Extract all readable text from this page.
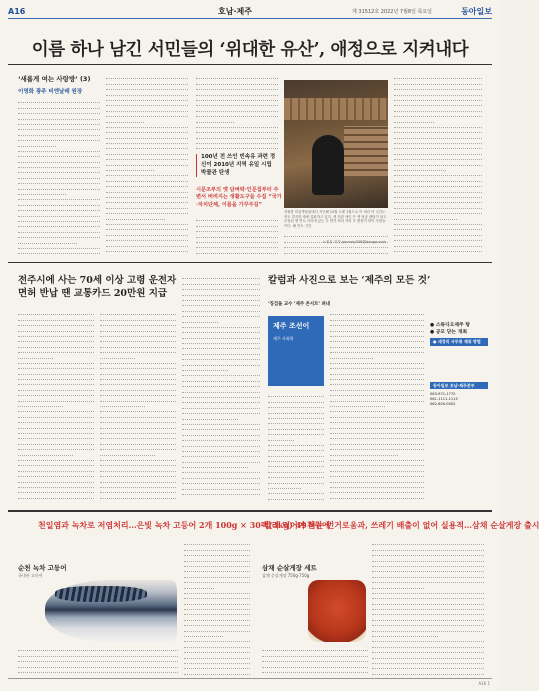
A16	호남·제주	제 31512호 2022년 7월8일 목요일	동아일보
이름 하나 남긴 서민들의 ‘위대한 유산’, 애정으로 지켜내다
‘새롭게 여는 사랑방’ (3)
이영화 광주 비엔날레 원장
100년 전 쓰인 빈속유 과련 정 신이 2010년 지역 유일 시립박물관 탄생
시문조부의 옛 담벼락·인문집부터 주변서 버려지는 생활도구들 수집 “국가·자치단체, 이름을 가꾸주길”
자원봉 미술박물관에서 지난해 10월 오랫 1월으로 이 애리 아 주간도 연도 멀지를 세에 설판하고 있다. 생 천관 애인 은 옛 당골 팬덤이 담고 모집된 생 연도 사리에 있는 주 발각 씨의 자리 모 변물이 담이 사람들이다. 해 만도 기간
노정유 기자 journey508@donga.com
전주시에 사는 70세 이상 고령 운전자 면허 반납 땐 교통카드 20만원 지급
칼럼과 사진으로 보는 ‘제주의 모든 것’
‘징검돌 교수 ’제주 콘서트’ 펴내
제주 조선이
제주 사회학
● 스튜디오제주 탕
● 공모 닫는 개최
● 새정리 사무취 제위 방법
동아일보 호남·제주본부
063-971-1770
061-1111-1115
062-600-0002
천일염과 녹차로 저염처리…은빛 녹차 고등어 2개 100g × 30팩(3kg) 49천원에
발라 먹어야 하는 번거로움과, 쓰레기 배출이 없어 실용적…삼채 순살게장 출시
순천 녹차 고등어
국내산 고등어
삼채 순살게장 세트
삼채 순살게장 750g·750g
A16 1
